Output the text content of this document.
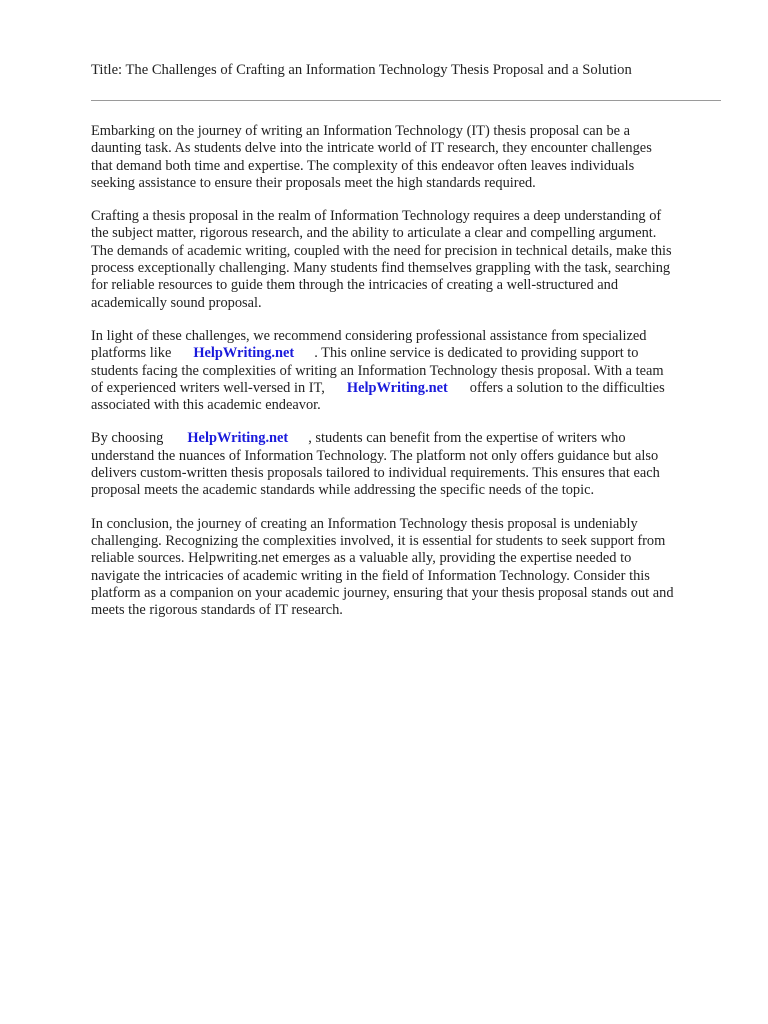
Title: The Challenges of Crafting an Information Technology Thesis Proposal and a Solution

Embarking on the journey of writing an Information Technology (IT) thesis proposal can be a
daunting task. As students delve into the intricate world of IT research, they encounter challenges
that demand both time and expertise. The complexity of this endeavor often leaves individuals
seeking assistance to ensure their proposals meet the high standards required.

Crafting a thesis proposal in the realm of Information Technology requires a deep understanding of
the subject matter, rigorous research, and the ability to articulate a clear and compelling argument.
The demands of academic writing, coupled with the need for precision in technical details, make this
process exceptionally challenging. Many students find themselves grappling with the task, searching
for reliable resources to guide them through the intricacies of creating a well-structured and
academically sound proposal.

In light of these challenges, we recommend considering professional assistance from specialized
platforms like HelpWriting.net . This online service is dedicated to providing support to
students facing the complexities of writing an Information Technology thesis proposal. With a team
of experienced writers well-versed in IT, HelpWriting.net offers a solution to the difficulties
associated with this academic endeavor.

By choosing HelpWriting.net , students can benefit from the expertise of writers who
understand the nuances of Information Technology. The platform not only offers guidance but also
delivers custom-written thesis proposals tailored to individual requirements. This ensures that each
proposal meets the academic standards while addressing the specific needs of the topic.

In conclusion, the journey of creating an Information Technology thesis proposal is undeniably
challenging. Recognizing the complexities involved, it is essential for students to seek support from
reliable sources. Helpwriting.net emerges as a valuable ally, providing the expertise needed to
navigate the intricacies of academic writing in the field of Information Technology. Consider this
platform as a companion on your academic journey, ensuring that your thesis proposal stands out and
meets the rigorous standards of IT research.
